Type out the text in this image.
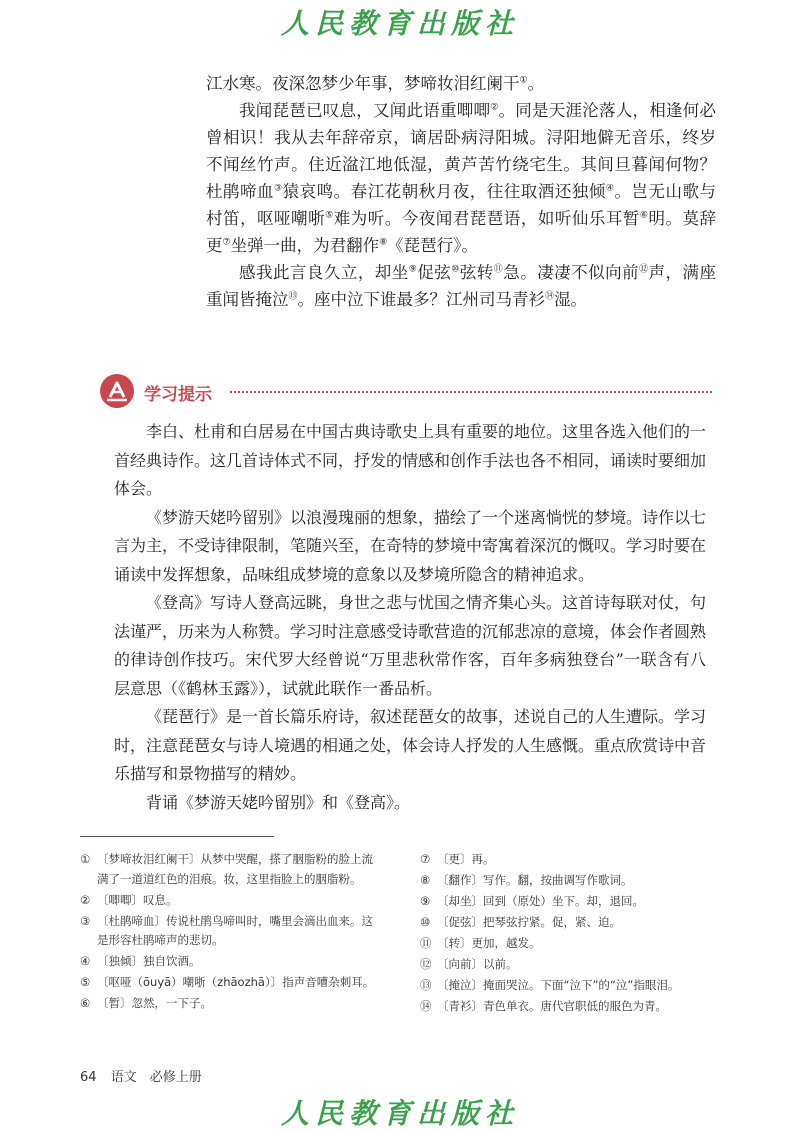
人民教育出版社

江水寒。夜深忽梦少年事，梦啼妆泪红阑干①。

我闻琵琶已叹息，又闻此语重唧唧②。同是天涯沦落人，相逢何必曾相识！我从去年辞帝京，谪居卧病浔阳城。浔阳地僻无音乐，终岁不闻丝竹声。住近湓江地低湿，黄芦苦竹绕宅生。其间旦暮闻何物？杜鹃啼血③猿哀鸣。春江花朝秋月夜，往往取酒还独倾④。岂无山歌与村笛，呕哑嘲哳⑤难为听。今夜闻君琵琶语，如听仙乐耳暂⑥明。莫辞更⑦坐弹一曲，为君翻作⑧《琵琶行》。

感我此言良久立，却坐⑨促弦⑩弦转⑪急。凄凄不似向前⑫声，满座重闻皆掩泣⑬。座中泣下谁最多？江州司马青衫⑭湿。

学习提示

李白、杜甫和白居易在中国古典诗歌史上具有重要的地位。这里各选入他们的一首经典诗作。这几首诗体式不同，抒发的情感和创作手法也各不相同，诵读时要细加体会。

《梦游天姥吟留别》以浪漫瑰丽的想象，描绘了一个迷离惝恍的梦境。诗作以七言为主，不受诗律限制，笔随兴至，在奇特的梦境中寄寓着深沉的慨叹。学习时要在诵读中发挥想象，品味组成梦境的意象以及梦境所隐含的精神追求。

《登高》写诗人登高远眺，身世之悲与忧国之情齐集心头。这首诗每联对仗，句法谨严，历来为人称赞。学习时注意感受诗歌营造的沉郁悲凉的意境，体会作者圆熟的律诗创作技巧。宋代罗大经曾说“万里悲秋常作客，百年多病独登台”一联含有八层意思（《鹤林玉露》），试就此联作一番品析。

《琵琶行》是一首长篇乐府诗，叙述琵琶女的故事，述说自己的人生遭际。学习时，注意琵琶女与诗人境遇的相通之处，体会诗人抒发的人生感慨。重点欣赏诗中音乐描写和景物描写的精妙。

背诵《梦游天姥吟留别》和《登高》。

① 〔梦啼妆泪红阑干〕从梦中哭醒，搽了胭脂粉的脸上流满了一道道红色的泪痕。妆，这里指脸上的胭脂粉。
② 〔唧唧〕叹息。
③ 〔杜鹃啼血〕传说杜鹃鸟啼叫时，嘴里会滴出血来。这是形容杜鹃啼声的悲切。
④ 〔独倾〕独自饮酒。
⑤ 〔呕哑（ōuyā）嘲哳（zhāozhā）〕指声音嘈杂刺耳。
⑥ 〔暂〕忽然，一下子。
⑦ 〔更〕再。
⑧ 〔翻作〕写作。翻，按曲调写作歌词。
⑨ 〔却坐〕回到（原处）坐下。却，退回。
⑩ 〔促弦〕把琴弦拧紧。促，紧、迫。
⑪ 〔转〕更加，越发。
⑫ 〔向前〕以前。
⑬ 〔掩泣〕掩面哭泣。下面“泣下”的“泣”指眼泪。
⑭ 〔青衫〕青色单衣。唐代官职低的服色为青。
64 语文　必修上册
人民教育出版社
